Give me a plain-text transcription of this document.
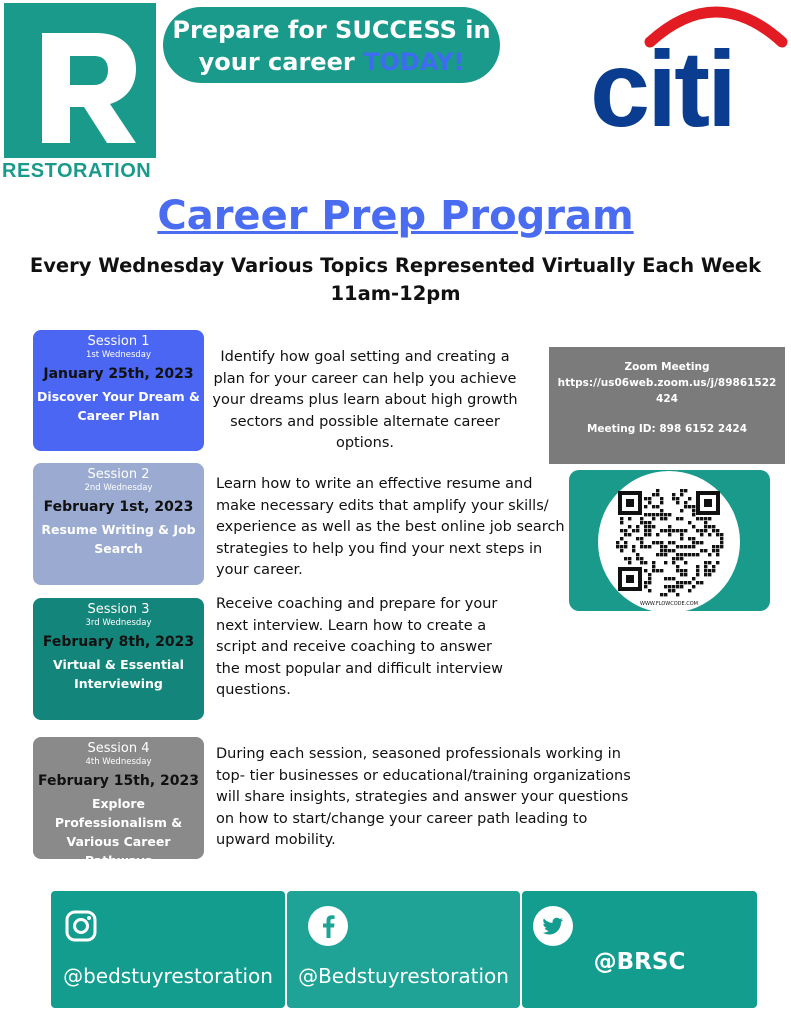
RESTORATION
Prepare for SUCCESS in
your career TODAY!	citi
Career Prep Program
Every Wednesday Various Topics Represented Virtually Each Week
11am-12pm
Session 1
1st Wednesday
January 25th, 2023
Discover Your Dream & Career Plan
Identify how goal setting and creating a plan for your career can help you achieve your dreams plus learn about high growth sectors and possible alternate career options.
Session 2
2nd Wednesday
February 1st, 2023
Resume Writing & Job Search
Learn how to write an effective resume and make necessary edits that amplify your skills/ experience as well as the best online job search strategies to help you find your next steps in your career.
Session 3
3rd Wednesday
February 8th, 2023
Virtual & Essential Interviewing
Receive coaching and prepare for your next interview. Learn how to create a script and receive coaching to answer the most popular and difficult interview questions.
Session 4
4th Wednesday
February 15th, 2023
Explore Professionalism & Various Career Pathways
During each session, seasoned professionals working in top- tier businesses or educational/training organizations will share insights, strategies and answer your questions on how to start/change your career path leading to upward mobility.
Zoom Meeting
https://us06web.zoom.us/j/89861522424
Meeting ID: 898 6152 2424
WWW.FLOWCODE.COM
@bedstuyrestoration	@Bedstuyrestoration
@BRSC
